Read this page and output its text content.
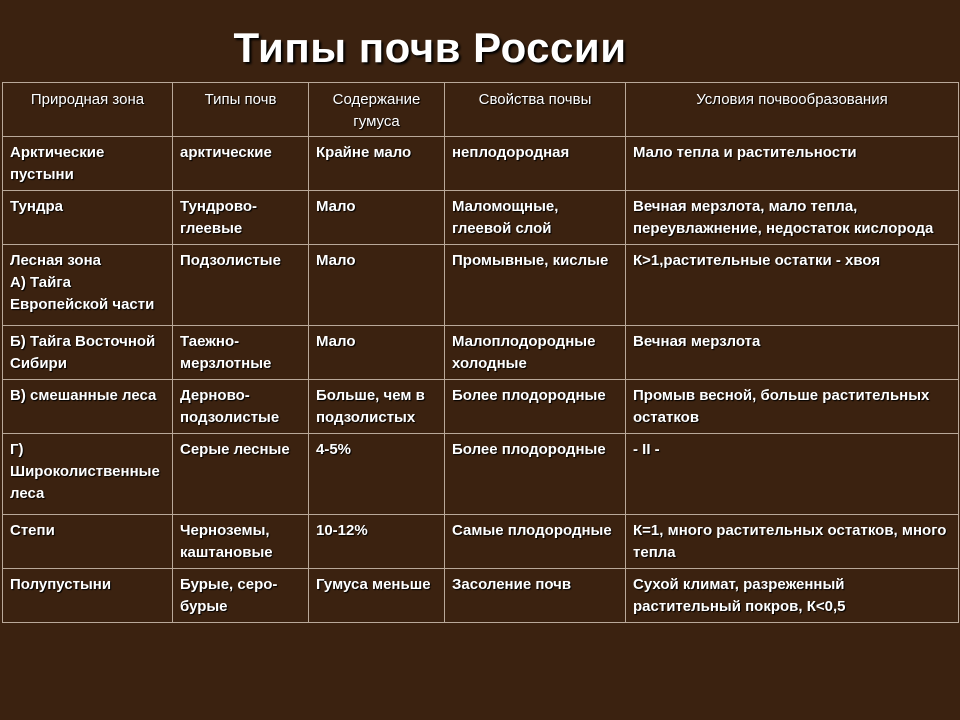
Типы почв России
Природная зона	Типы почв	Содержание гумуса	Свойства почвы	Условия почвообразования
Арктические пустыни	арктические	Крайне мало	неплодородная	Мало тепла и растительности
Тундра	Тундрово-глеевые	Мало	Маломощные, глеевой слой	Вечная мерзлота, мало тепла, переувлажнение, недостаток кислорода

Лесная зона
А) Тайга Европейской части	Подзолистые	Мало	Промывные, кислые	К>1,растительные остатки - хвоя
Б) Тайга Восточной Сибири	Таежно-мерзлотные	Мало	Малоплодородные холодные	Вечная мерзлота
В) смешанные леса	Дерново-подзолистые	Больше, чем в подзолистых	Более плодородные	Промыв весной, больше растительных остатков
Г) Широколиственные леса	Серые лесные	4-5%	Более плодородные	- II -
Степи	Черноземы, каштановые	10-12%	Самые плодородные	К=1, много растительных остатков, много тепла
Полупустыни	Бурые, серо-бурые	Гумуса меньше	Засоление почв	Сухой климат, разреженный растительный покров, К<0,5
